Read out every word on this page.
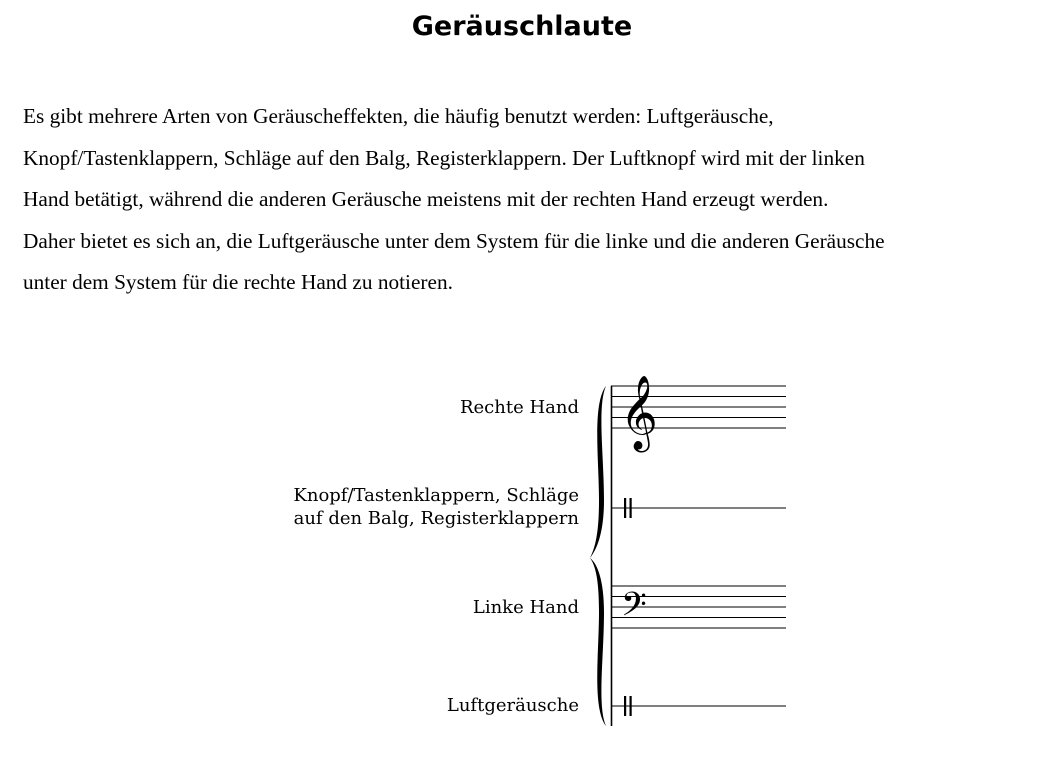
Geräuschlaute
Es gibt mehrere Arten von Geräuscheffekten, die häufig benutzt werden: Luftgeräusche,
Knopf/Tastenklappern, Schläge auf den Balg, Registerklappern. Der Luftknopf wird mit der linken
Hand betätigt, während die anderen Geräusche meistens mit der rechten Hand erzeugt werden.
Daher bietet es sich an, die Luftgeräusche unter dem System für die linke und die anderen Geräusche
unter dem System für die rechte Hand zu notieren.
Rechte Hand
Knopf/Tastenklappern, Schläge
auf den Balg, Registerklappern
Linke Hand
Luftgeräusche
𝄞
𝄢
